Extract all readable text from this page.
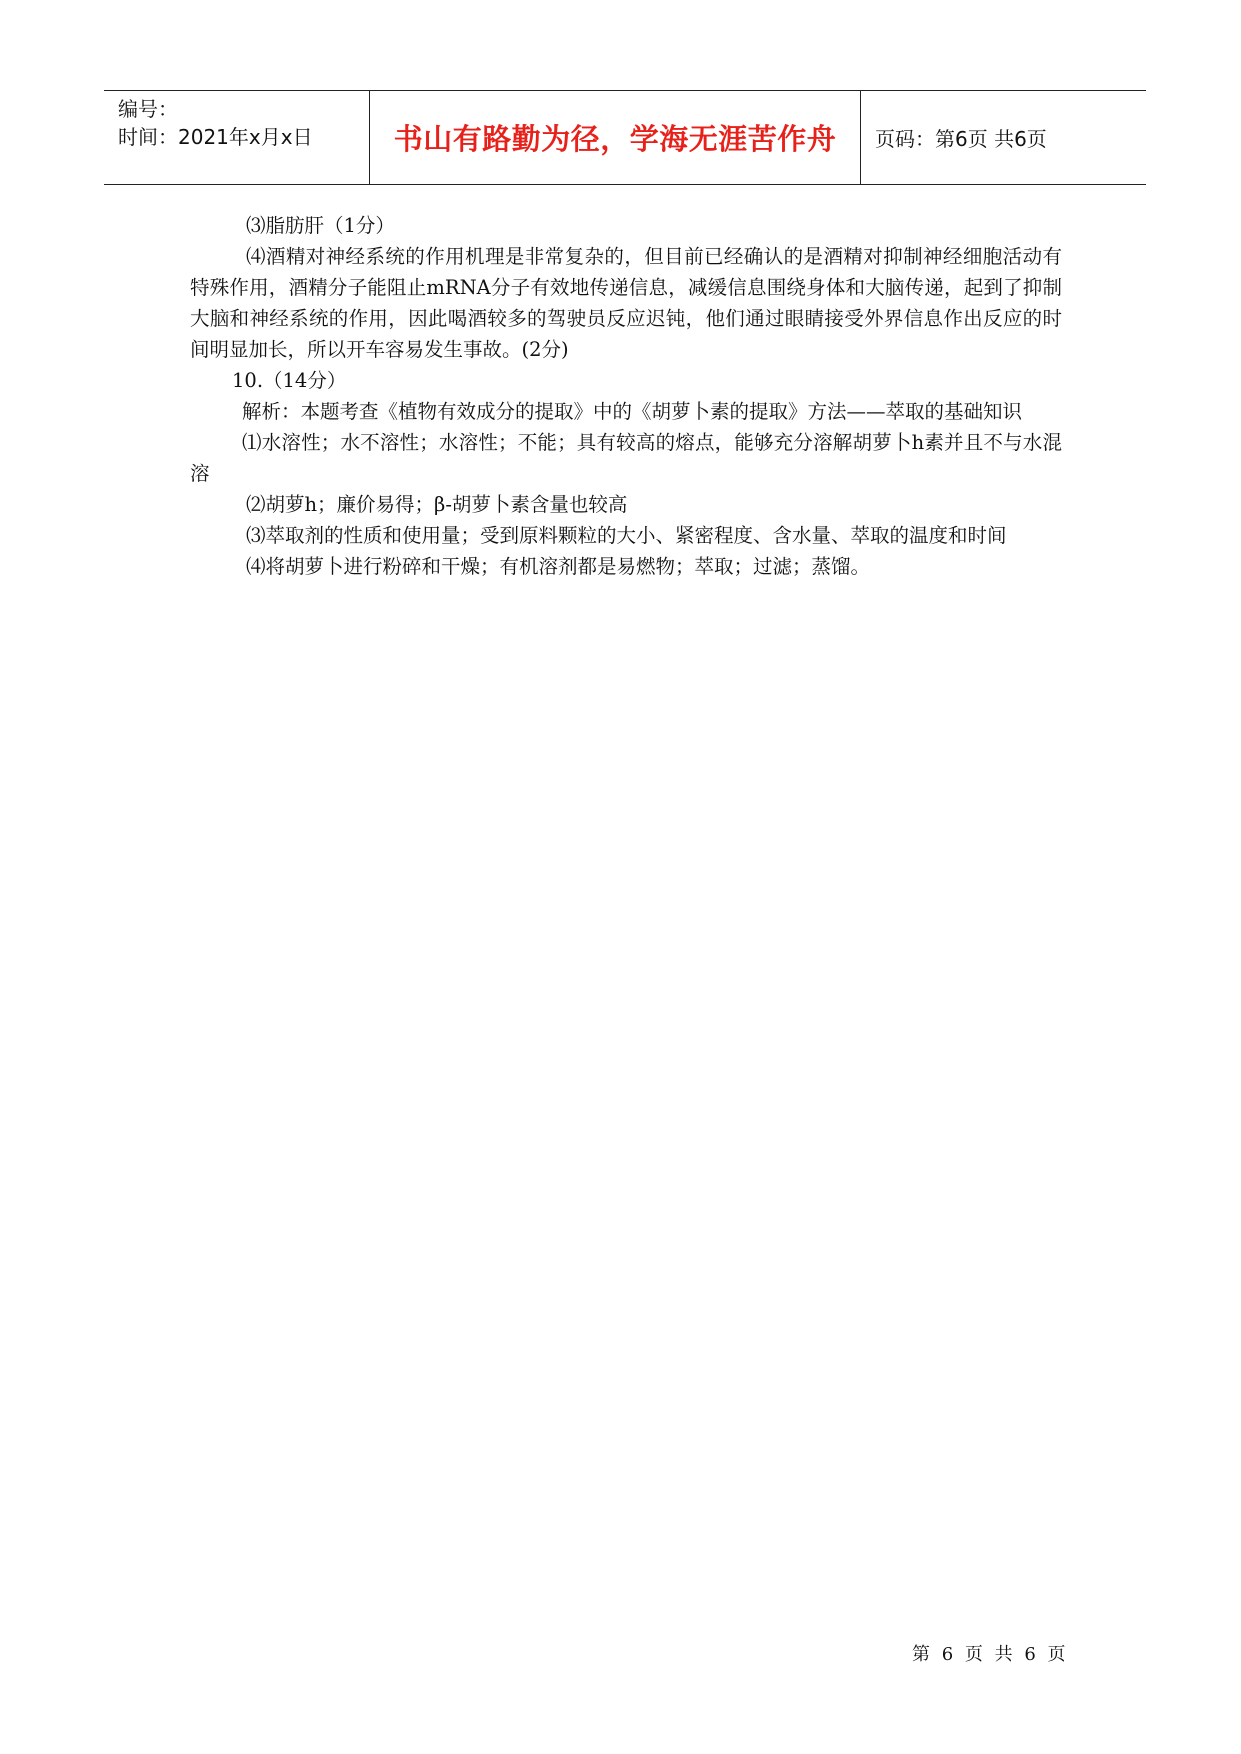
编号：
时间：2021年x月x日	书山有路勤为径，学海无涯苦作舟 页码：第6页 共6页

⑶脂肪肝（1分）

⑷酒精对神经系统的作用机理是非常复杂的，但目前已经确认的是酒精对抑制神经细胞活动有特殊作用，酒精分子能阻止mRNA分子有效地传递信息，减缓信息围绕身体和大脑传递，起到了抑制大脑和神经系统的作用，因此喝酒较多的驾驶员反应迟钝，他们通过眼睛接受外界信息作出反应的时间明显加长，所以开车容易发生事故。(2分)

10.（14分）

解析：本题考查《植物有效成分的提取》中的《胡萝卜素的提取》方法——萃取的基础知识

⑴水溶性；水不溶性；水溶性；不能；具有较高的熔点，能够充分溶解胡萝卜h素并且不与水混溶

⑵胡萝h；廉价易得；β-胡萝卜素含量也较高

⑶萃取剂的性质和使用量；受到原料颗粒的大小、紧密程度、含水量、萃取的温度和时间

⑷将胡萝卜进行粉碎和干燥；有机溶剂都是易燃物；萃取；过滤；蒸馏。

第 6 页 共 6 页
